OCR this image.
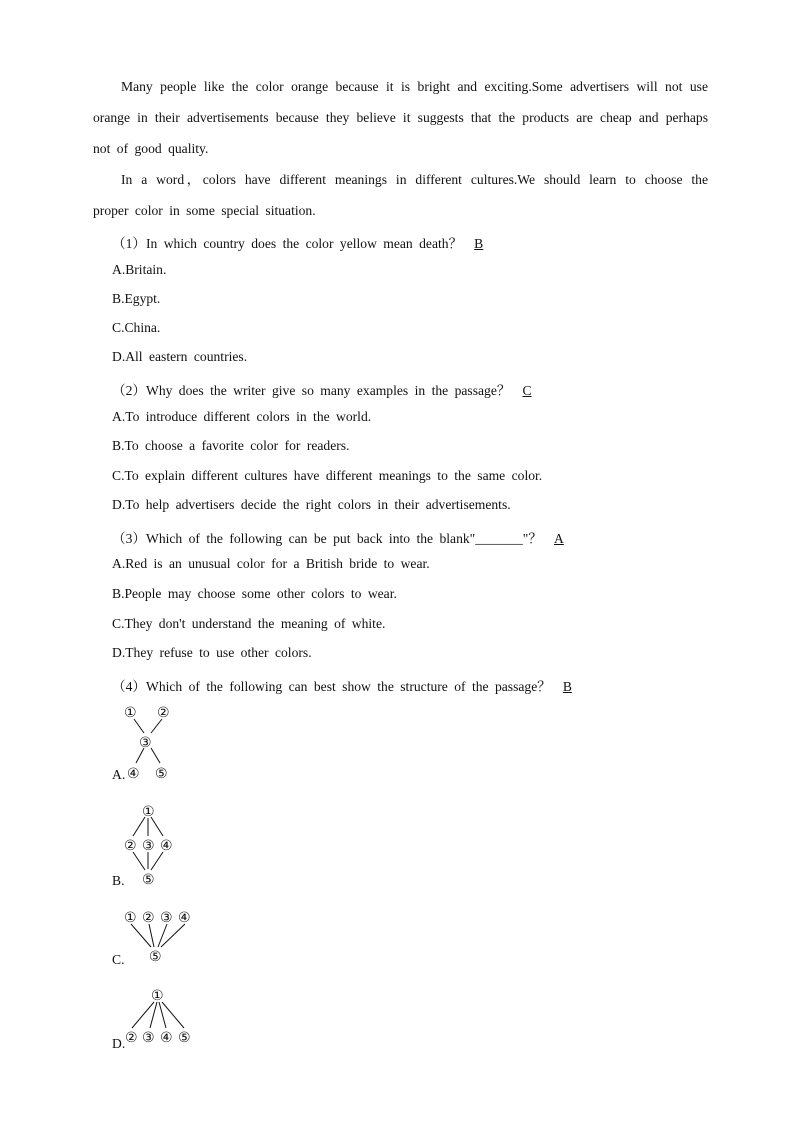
Many people like the color orange because it is bright and exciting.Some advertisers will not use orange in their advertisements because they believe it suggests that the products are cheap and perhaps not of good quality.
In a word，colors have different meanings in different cultures.We should learn to choose the proper color in some special situation.
（1）In which country does the color yellow mean death？ B
A.Britain.
B.Egypt.
C.China.
D.All eastern countries.
（2）Why does the writer give so many examples in the passage？ C
A.To introduce different colors in the world.
B.To choose a favorite color for readers.
C.To explain different cultures have different meanings to the same color.
D.To help advertisers decide the right colors in their advertisements.
（3）Which of the following can be put back into the blank"_______"？ A
A.Red is an unusual color for a British bride to wear.
B.People may choose some other colors to wear.
C.They don't understand the meaning of white.
D.They refuse to use other colors.
（4）Which of the following can best show the structure of the passage？ B
A.
① ②
③
④ ⑤
B.
①
② ③ ④
⑤
C.
① ② ③ ④
⑤
D.
①
② ③ ④ ⑤
